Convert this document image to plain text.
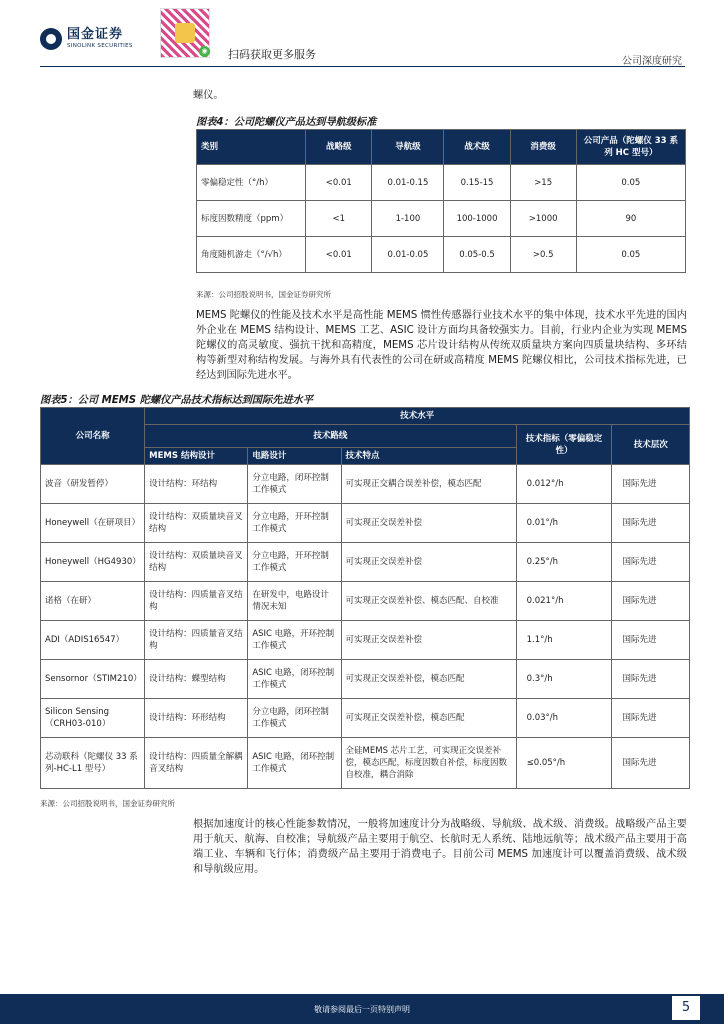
国金证券
SINOLINK SECURITIES
◉ 扫码获取更多服务
公司深度研究
螺仪。
图表4：公司陀螺仪产品达到导航级标准
类别	战略级	导航级	战术级	消费级	公司产品（陀螺仪 33 系列 HC 型号）
零偏稳定性（°/h）	<0.01	0.01-0.15	0.15-15	>15	0.05
标度因数精度（ppm）	<1	1-100	100-1000	>1000	90
角度随机游走（°/√h）	<0.01	0.01-0.05	0.05-0.5	>0.5	0.05
来源：公司招股说明书，国金证券研究所
MEMS 陀螺仪的性能及技术水平是高性能 MEMS 惯性传感器行业技术水平的集中体现，技术水平先进的国内外企业在 MEMS 结构设计、MEMS 工艺、ASIC 设计方面均具备较强实力。目前，行业内企业为实现 MEMS 陀螺仪的高灵敏度、强抗干扰和高精度，MEMS 芯片设计结构从传统双质量块方案向四质量块结构、多环结构等新型对称结构发展。与海外具有代表性的公司在研或高精度 MEMS 陀螺仪相比，公司技术指标先进，已经达到国际先进水平。
图表5：公司 MEMS 陀螺仪产品技术指标达到国际先进水平
公司名称	技术水平				
	技术路线			技术指标（零偏稳定性）	技术层次
	MEMS 结构设计	电路设计	技术特点		
波音（研发暂停）	设计结构：环结构	分立电路，闭环控制工作模式	可实现正交耦合误差补偿，模态匹配	0.012°/h	国际先进
Honeywell（在研项目）	设计结构：双质量块音叉结构	分立电路，开环控制工作模式	可实现正交误差补偿	0.01°/h	国际先进
Honeywell（HG4930）	设计结构：双质量块音叉结构	分立电路，开环控制工作模式	可实现正交误差补偿	0.25°/h	国际先进
诺格（在研）	设计结构：四质量音叉结构	在研发中，电路设计情况未知	可实现正交误差补偿、模态匹配、自校准	0.021°/h	国际先进
ADI（ADIS16547）	设计结构：四质量音叉结构	ASIC 电路，开环控制工作模式	可实现正交误差补偿	1.1°/h	国际先进
Sensornor（STIM210）	设计结构：蝶型结构	ASIC 电路，闭环控制工作模式	可实现正交误差补偿，模态匹配	0.3°/h	国际先进
Silicon Sensing（CRH03-010）	设计结构：环形结构	分立电路，闭环控制工作模式	可实现正交误差补偿，模态匹配	0.03°/h	国际先进
芯动联科（陀螺仪 33 系列-HC-L1 型号）	设计结构：四质量全解耦音叉结构	ASIC 电路，闭环控制工作模式	全硅MEMS 芯片工艺，可实现正交误差补偿，模态匹配，标度因数自补偿，标度因数自校准，耦合消除	≤0.05°/h	国际先进
来源：公司招股说明书，国金证券研究所
根据加速度计的核心性能参数情况，一般将加速度计分为战略级、导航级、战术级、消费级。战略级产品主要用于航天、航海、自校准；导航级产品主要用于航空、长航时无人系统、陆地远航等；战术级产品主要用于高端工业、车辆和飞行体；消费级产品主要用于消费电子。目前公司 MEMS 加速度计可以覆盖消费级、战术级和导航级应用。
敬请参阅最后一页特别声明	5
